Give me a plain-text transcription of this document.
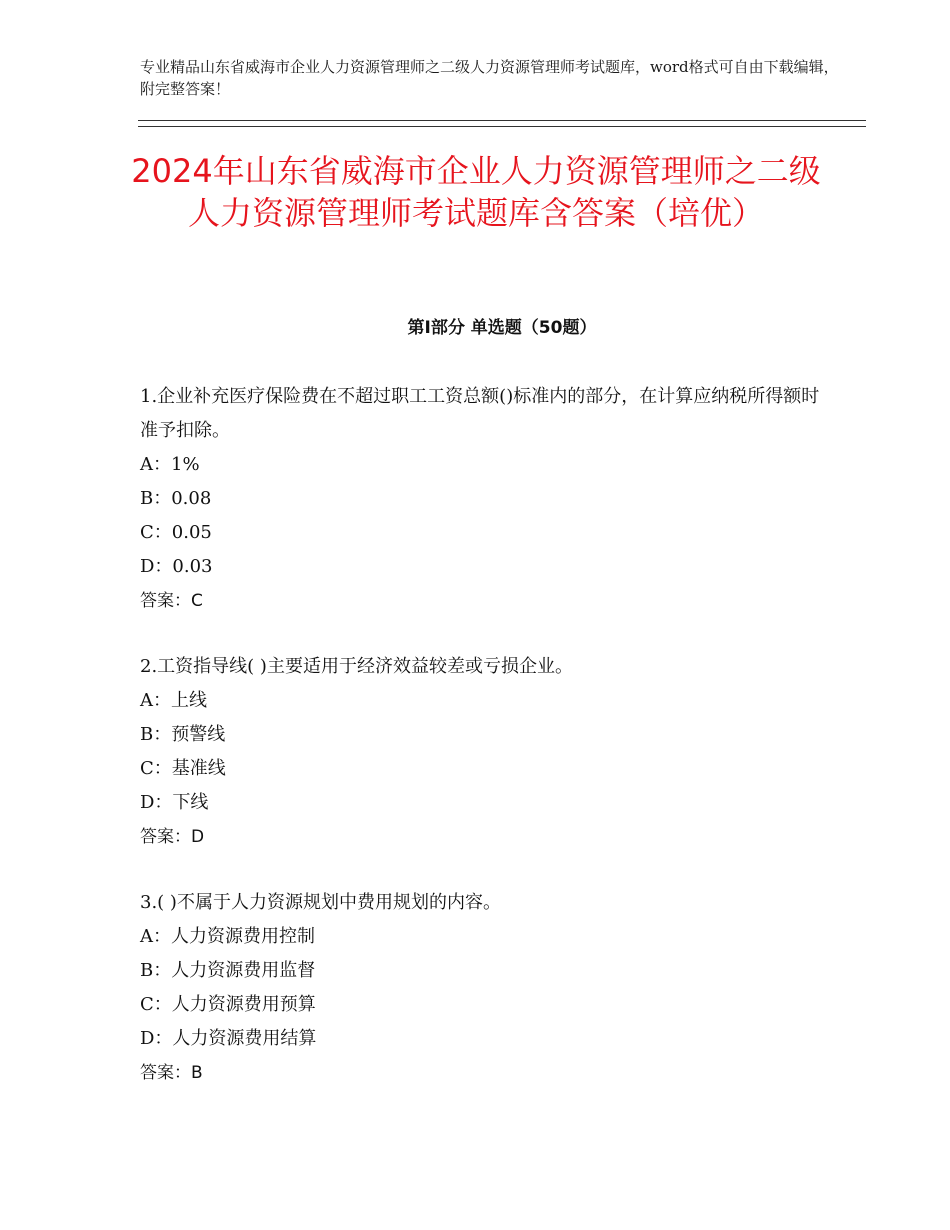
专业精品山东省威海市企业人力资源管理师之二级人力资源管理师考试题库，word格式可自由下载编辑，附完整答案！
2024年山东省威海市企业人力资源管理师之二级人力资源管理师考试题库含答案（培优）
第Ⅰ部分 单选题（50题）

1.企业补充医疗保险费在不超过职工工资总额()标准内的部分，在计算应纳税所得额时准予扣除。

A：1%

B：0.08

C：0.05

D：0.03

答案：C

2.工资指导线( )主要适用于经济效益较差或亏损企业。

A：上线

B：预警线

C：基准线

D：下线

答案：D

3.( )不属于人力资源规划中费用规划的内容。

A：人力资源费用控制

B：人力资源费用监督

C：人力资源费用预算

D：人力资源费用结算

答案：B
